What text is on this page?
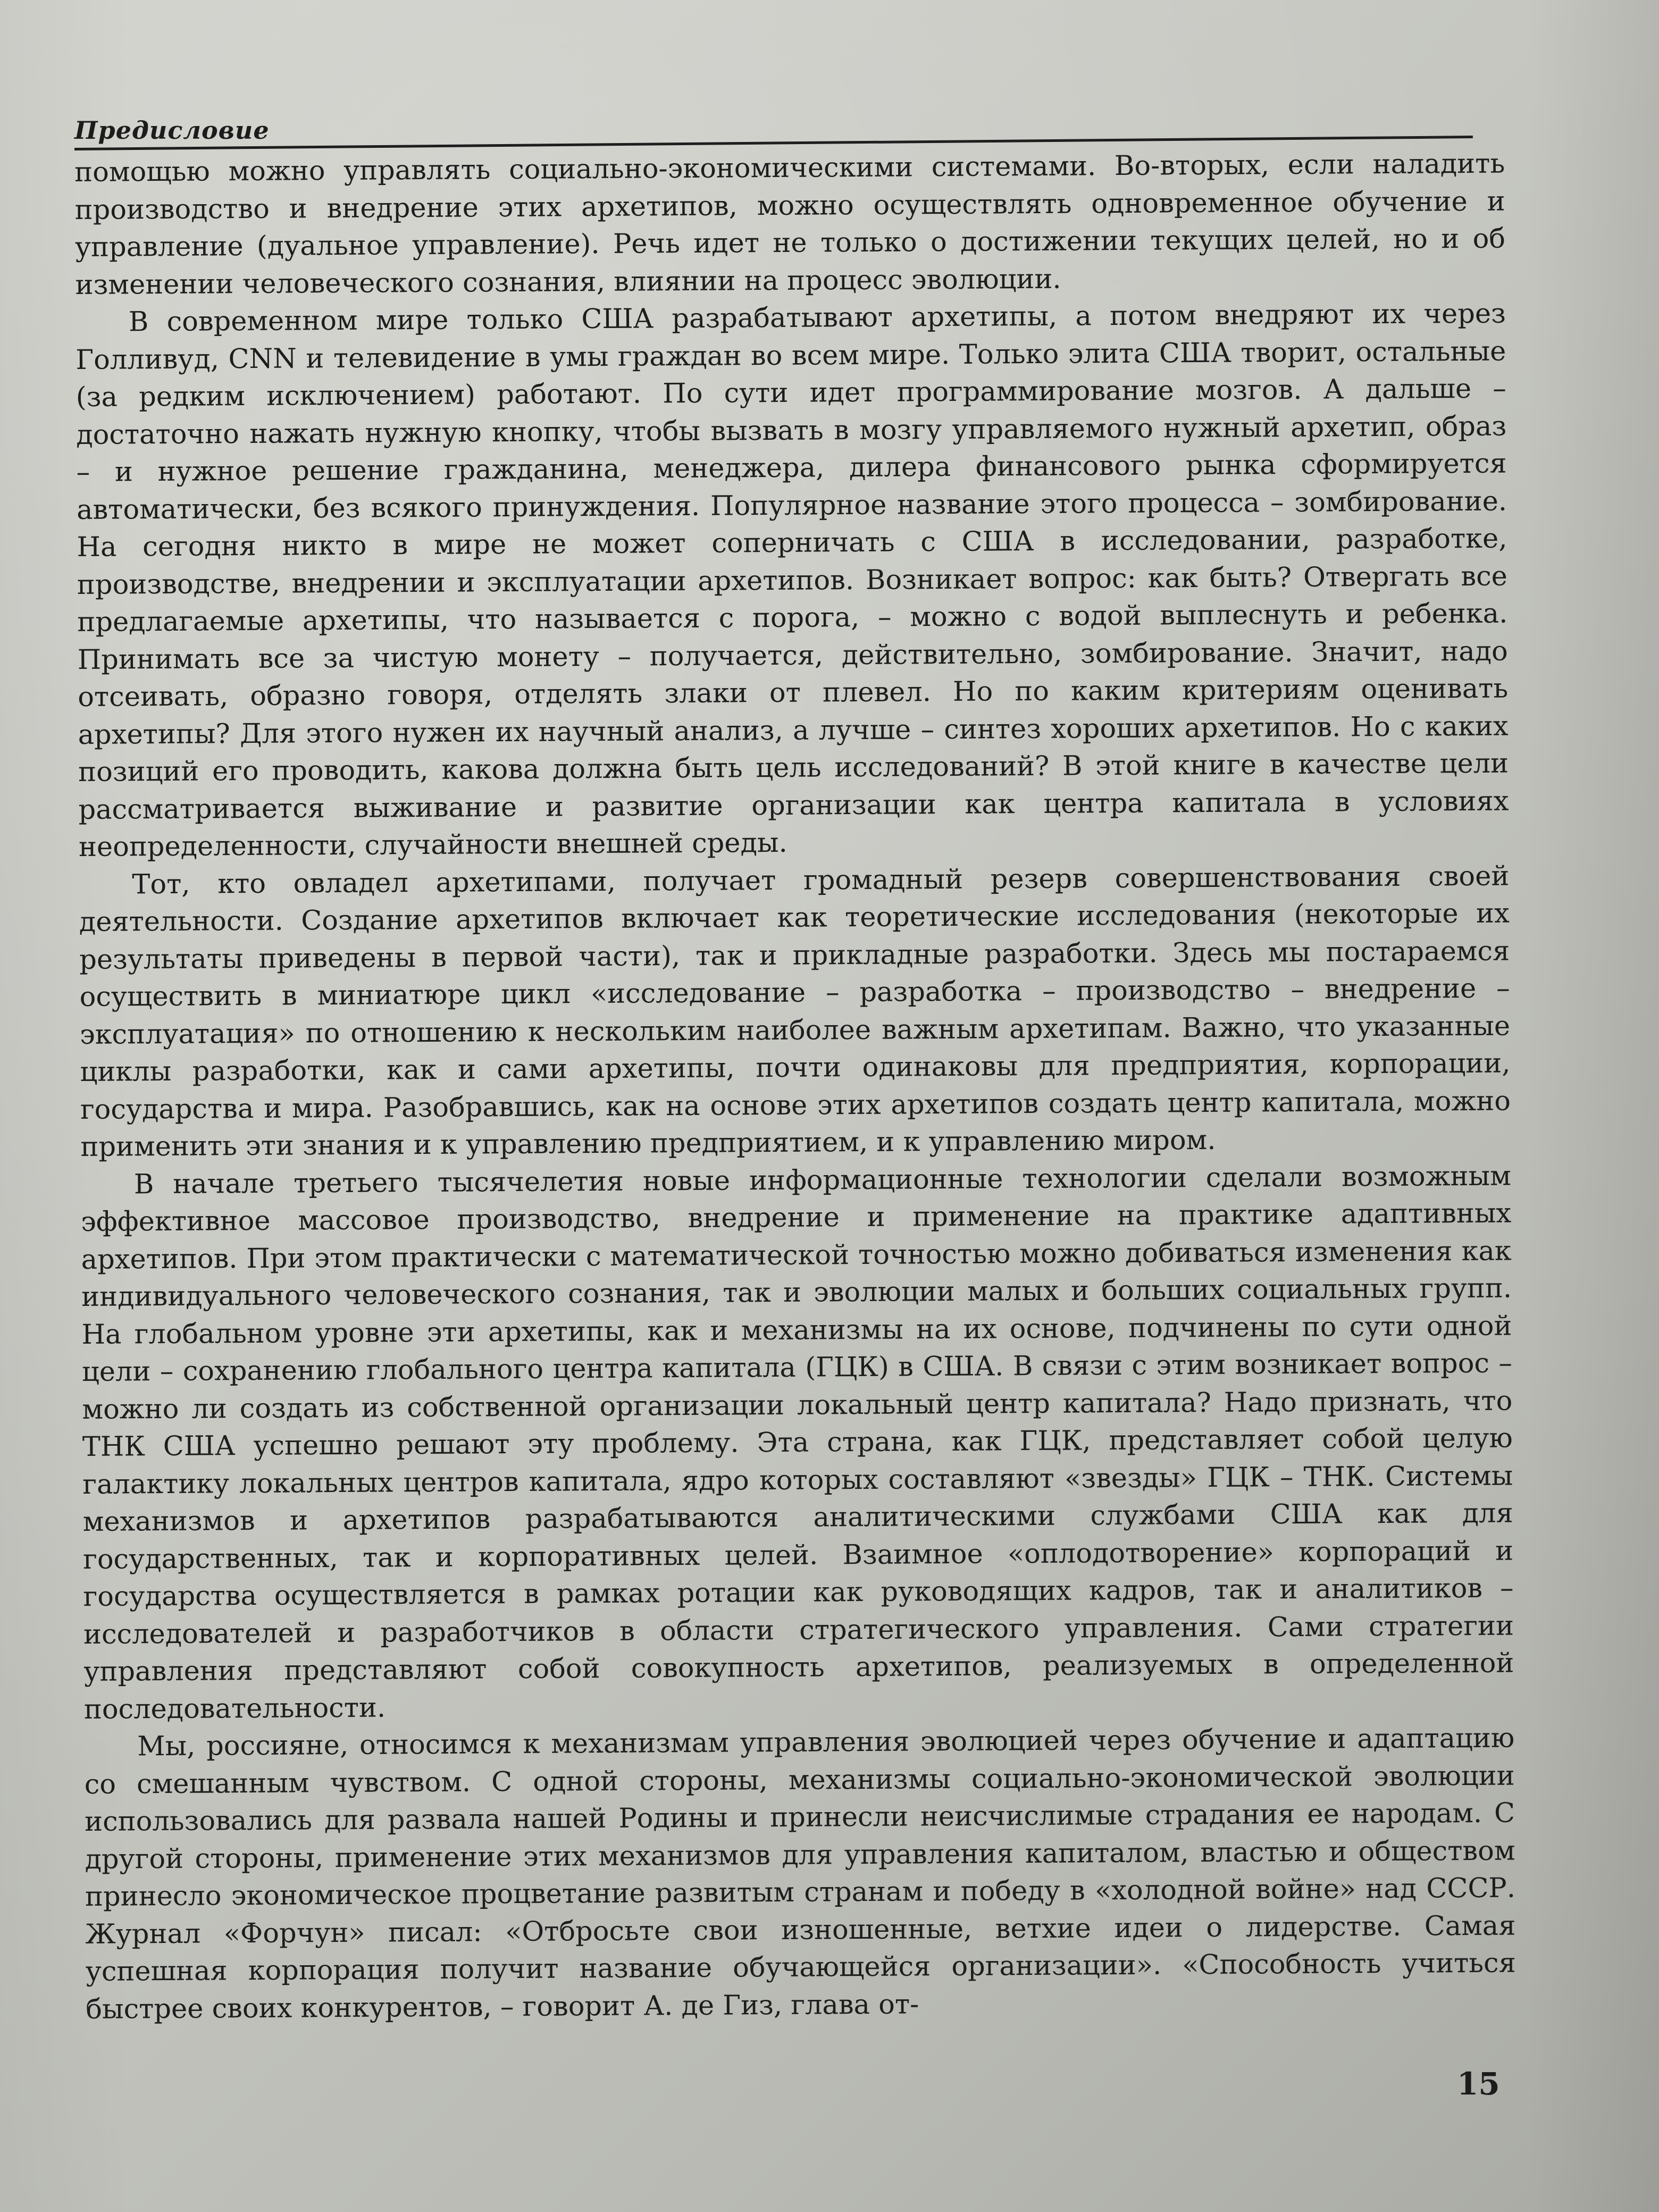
Предисловие

помощью можно управлять социально-экономическими системами. Во-вторых, если наладить производство и внедрение этих архетипов, можно осуществлять одновременное обучение и управление (дуальное управление). Речь идет не только о достижении текущих целей, но и об изменении человеческого сознания, влиянии на процесс эволюции.

В современном мире только США разрабатывают архетипы, а потом внедряют их через Голливуд, CNN и телевидение в умы граждан во всем мире. Только элита США творит, остальные (за редким исключением) работают. По сути идет программирование мозгов. А дальше – достаточно нажать нужную кнопку, чтобы вызвать в мозгу управляемого нужный архетип, образ – и нужное решение гражданина, менеджера, дилера финансового рынка сформируется автоматически, без всякого принуждения. Популярное название этого процесса – зомбирование. На сегодня никто в мире не может соперничать с США в исследовании, разработке, производстве, внедрении и эксплуатации архетипов. Возникает вопрос: как быть? Отвергать все предлагаемые архетипы, что называется с порога, – можно с водой выплеснуть и ребенка. Принимать все за чистую монету – получается, действительно, зомбирование. Значит, надо отсеивать, образно говоря, отделять злаки от плевел. Но по каким критериям оценивать архетипы? Для этого нужен их научный анализ, а лучше – синтез хороших архетипов. Но с каких позиций его проводить, какова должна быть цель исследований? В этой книге в качестве цели рассматривается выживание и развитие организации как центра капитала в условиях неопределенности, случайности внешней среды.

Тот, кто овладел архетипами, получает громадный резерв совершенствования своей деятельности. Создание архетипов включает как теоретические исследования (некоторые их результаты приведены в первой части), так и прикладные разработки. Здесь мы постараемся осуществить в миниатюре цикл «исследование – разработка – производство – внедрение – эксплуатация» по отношению к нескольким наиболее важным архетипам. Важно, что указанные циклы разработки, как и сами архетипы, почти одинаковы для предприятия, корпорации, государства и мира. Разобравшись, как на основе этих архетипов создать центр капитала, можно применить эти знания и к управлению предприятием, и к управлению миром.

В начале третьего тысячелетия новые информационные технологии сделали возможным эффективное массовое производство, внедрение и применение на практике адаптивных архетипов. При этом практически с математической точностью можно добиваться изменения как индивидуального человеческого сознания, так и эволюции малых и больших социальных групп. На глобальном уровне эти архетипы, как и механизмы на их основе, подчинены по сути одной цели – сохранению глобального центра капитала (ГЦК) в США. В связи с этим возникает вопрос – можно ли создать из собственной организации локальный центр капитала? Надо признать, что ТНК США успешно решают эту проблему. Эта страна, как ГЦК, представляет собой целую галактику локальных центров капитала, ядро которых составляют «звезды» ГЦК – ТНК. Системы механизмов и архетипов разрабатываются аналитическими службами США как для государственных, так и корпоративных целей. Взаимное «оплодотворение» корпораций и государства осуществляется в рамках ротации как руководящих кадров, так и аналитиков – исследователей и разработчиков в области стратегического управления. Сами стратегии управления представляют собой совокупность архетипов, реализуемых в определенной последовательности.

Мы, россияне, относимся к механизмам управления эволюцией через обучение и адаптацию со смешанным чувством. С одной стороны, механизмы социально-экономической эволюции использовались для развала нашей Родины и принесли неисчислимые страдания ее народам. С другой стороны, применение этих механизмов для управления капиталом, властью и обществом принесло экономическое процветание развитым странам и победу в «холодной войне» над СССР. Журнал «Форчун» писал: «Отбросьте свои изношенные, ветхие идеи о лидерстве. Самая успешная корпорация получит название обучающейся организации». «Способность учиться быстрее своих конкурентов, – говорит А. де Гиз, глава от-

15
